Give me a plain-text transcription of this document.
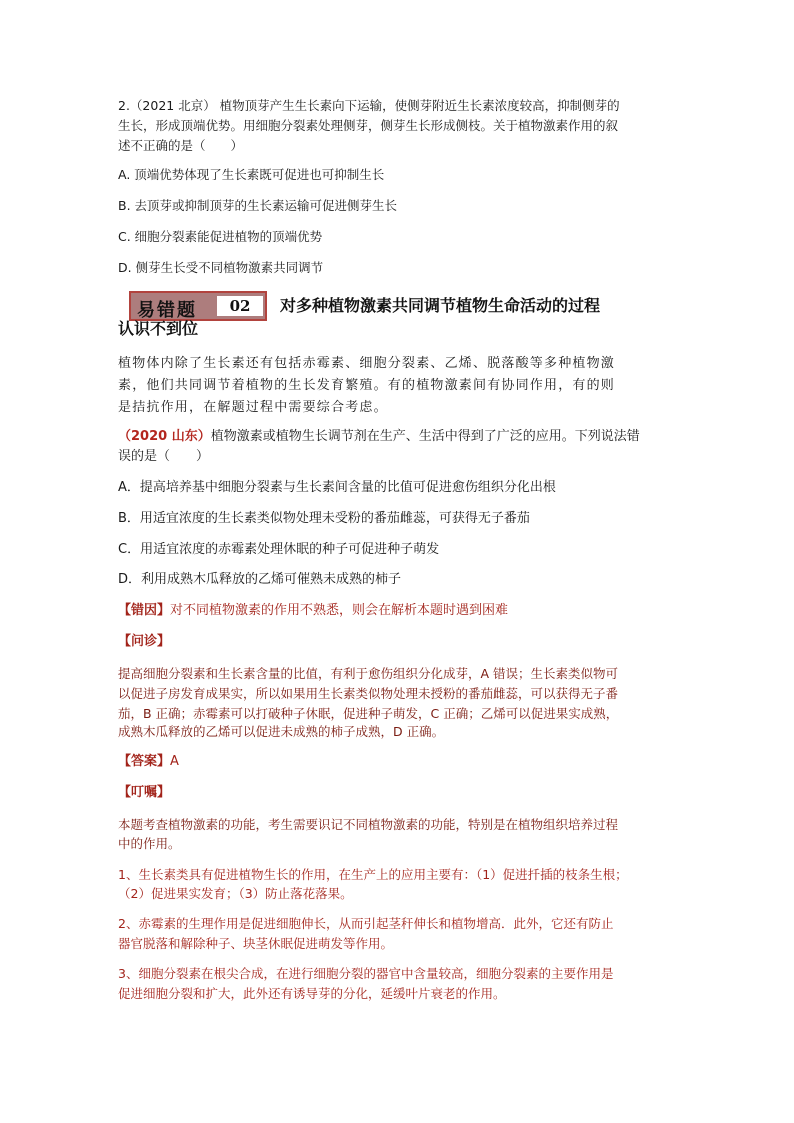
2.（2021 北京） 植物顶芽产生生长素向下运输，使侧芽附近生长素浓度较高，抑制侧芽的

生长，形成顶端优势。用细胞分裂素处理侧芽，侧芽生长形成侧枝。关于植物激素作用的叙

述不正确的是（　　）

A. 顶端优势体现了生长素既可促进也可抑制生长

B. 去顶芽或抑制顶芽的生长素运输可促进侧芽生长

C. 细胞分裂素能促进植物的顶端优势

D. 侧芽生长受不同植物激素共同调节

易错题	02	对多种植物激素共同调节植物生命活动的过程
认识不到位

植物体内除了生长素还有包括赤霉素、细胞分裂素、乙烯、脱落酸等多种植物激

素，他们共同调节着植物的生长发育繁殖。有的植物激素间有协同作用，有的则

是拮抗作用，在解题过程中需要综合考虑。

（2020 山东）植物激素或植物生长调节剂在生产、生活中得到了广泛的应用。下列说法错

误的是（　　）

A．提高培养基中细胞分裂素与生长素间含量的比值可促进愈伤组织分化出根

B．用适宜浓度的生长素类似物处理未受粉的番茄雌蕊，可获得无子番茄

C．用适宜浓度的赤霉素处理休眠的种子可促进种子萌发

D．利用成熟木瓜释放的乙烯可催熟未成熟的柿子

【错因】对不同植物激素的作用不熟悉，则会在解析本题时遇到困难

【问诊】

提高细胞分裂素和生长素含量的比值，有利于愈伤组织分化成芽，A 错误；生长素类似物可

以促进子房发育成果实，所以如果用生长素类似物处理未授粉的番茄雌蕊，可以获得无子番

茄，B 正确；赤霉素可以打破种子休眠，促进种子萌发，C 正确；乙烯可以促进果实成熟，

成熟木瓜释放的乙烯可以促进未成熟的柿子成熟，D 正确。

【答案】A

【叮嘱】

本题考查植物激素的功能，考生需要识记不同植物激素的功能，特别是在植物组织培养过程

中的作用。

1、生长素类具有促进植物生长的作用，在生产上的应用主要有：（1）促进扦插的枝条生根；

（2）促进果实发育；（3）防止落花落果。

2、赤霉素的生理作用是促进细胞伸长，从而引起茎秆伸长和植物增高．此外，它还有防止

器官脱落和解除种子、块茎休眠促进萌发等作用。

3、细胞分裂素在根尖合成，在进行细胞分裂的器官中含量较高，细胞分裂素的主要作用是

促进细胞分裂和扩大，此外还有诱导芽的分化，延缓叶片衰老的作用。
